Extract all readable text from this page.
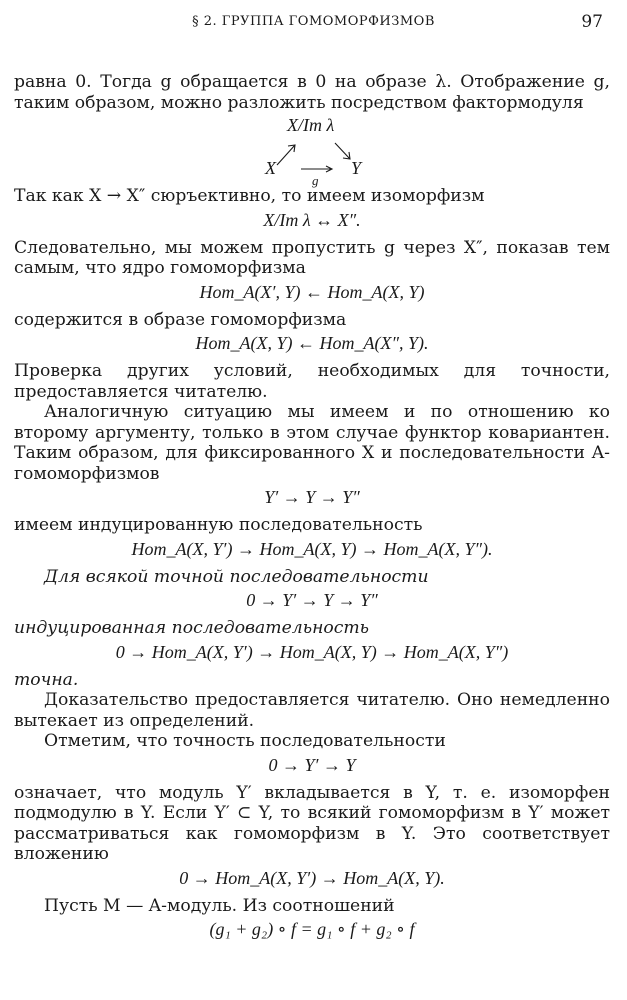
§ 2. ГРУППА ГОМОМОРФИЗМОВ	97

равна 0. Тогда g обращается в 0 на образе λ. Отображение g, таким образом, можно разложить посредством фактормодуля

X/Im λ
X	Y
g

Так как X → X″ сюръективно, то имеем изоморфизм

X/Im λ ↔ X″.

Следовательно, мы можем пропустить g через X″, показав тем самым, что ядро гомоморфизма

Hom_A(X′, Y) ← Hom_A(X, Y)

содержится в образе гомоморфизма

Hom_A(X, Y) ← Hom_A(X″, Y).

Проверка других условий, необходимых для точности, предоставляется читателю.

Аналогичную ситуацию мы имеем и по отношению ко второму аргументу, только в этом случае функтор ковариантен. Таким образом, для фиксированного X и последовательности A-гомоморфизмов

Y′ → Y → Y″

имеем индуцированную последовательность

Hom_A(X, Y′) → Hom_A(X, Y) → Hom_A(X, Y″).

Для всякой точной последовательности

0 → Y′ → Y → Y″

индуцированная последовательность

0 → Hom_A(X, Y′) → Hom_A(X, Y) → Hom_A(X, Y″)

точна.

Доказательство предоставляется читателю. Оно немедленно вытекает из определений.

Отметим, что точность последовательности

0 → Y′ → Y

означает, что модуль Y′ вкладывается в Y, т. е. изоморфен подмодулю в Y. Если Y′ ⊂ Y, то всякий гомоморфизм в Y′ может рассматриваться как гомоморфизм в Y. Это соответствует вложению

0 → Hom_A(X, Y′) → Hom_A(X, Y).

Пусть M — A-модуль. Из соотношений

(g₁ + g₂) ∘ f = g₁ ∘ f + g₂ ∘ f
